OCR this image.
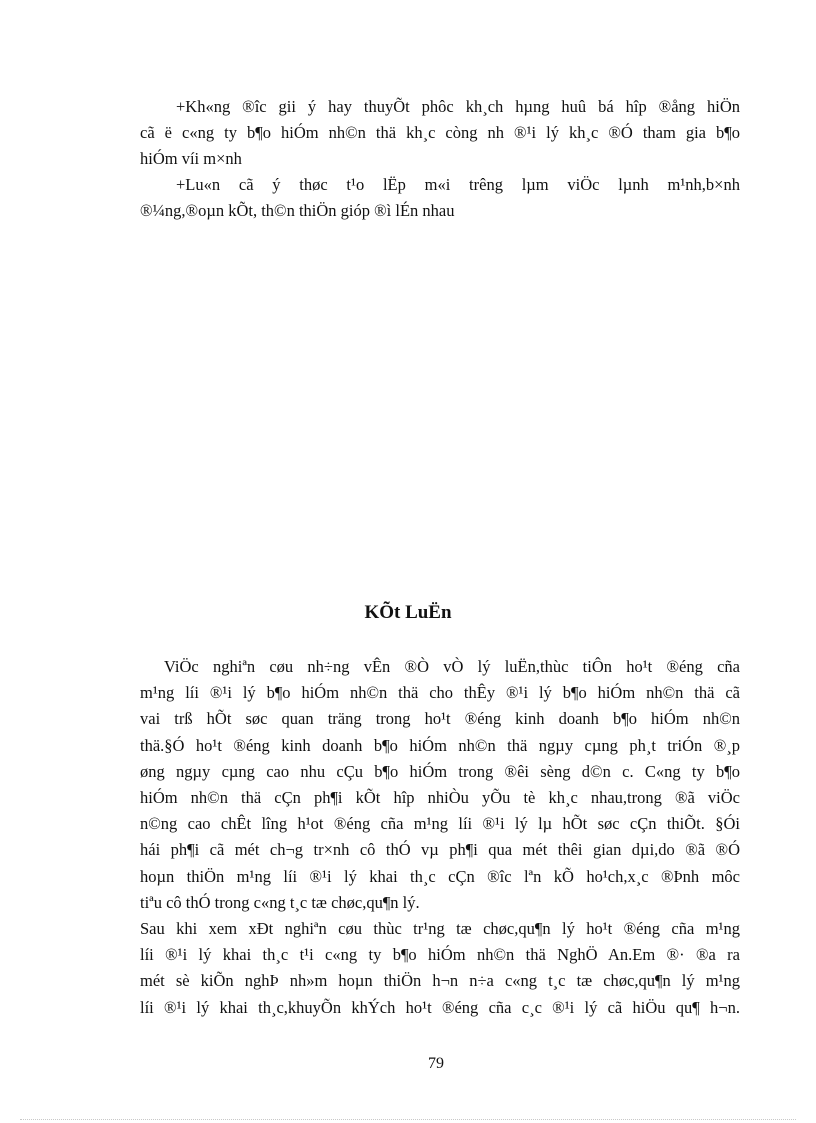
+Kh«ng ®îc gii ý hay thuyÕt phôc kh¸ch hµng huû bá hîp ®ång hiÖn
cã ë c«ng ty b¶o hiÓm nh©n thä kh¸c còng nh ®¹i lý kh¸c ®Ó tham gia b¶o
hiÓm víi m×nh
+Lu«n cã ý thøc t¹o lËp m«i trêng lµm viÖc lµnh m¹nh,b×nh
®¼ng,®oµn kÕt, th©n thiÖn gióp ®ì lÉn nhau
KÕt LuËn
ViÖc nghiªn cøu nh÷ng vÊn ®Ò vÒ lý luËn,thùc tiÔn ho¹t ®éng cña
m¹ng líi ®¹i lý b¶o hiÓm nh©n thä cho thÊy ®¹i lý b¶o hiÓm nh©n thä cã
vai trß hÕt søc quan träng trong ho¹t ®éng kinh doanh b¶o hiÓm nh©n
thä.§Ó ho¹t ®éng kinh doanh b¶o hiÓm nh©n thä ngµy cµng ph¸t triÓn ®¸p
øng ngµy cµng cao nhu cÇu b¶o hiÓm trong ®êi sèng d©n c. C«ng ty b¶o
hiÓm nh©n thä cÇn ph¶i kÕt hîp nhiÒu yÕu tè kh¸c nhau,trong ®ã viÖc
n©ng cao chÊt lîng h¹ot ®éng cña m¹ng líi ®¹i lý lµ hÕt søc cÇn thiÕt. §Ói
hái ph¶i cã mét ch¬g tr×nh cô thÓ vµ ph¶i qua mét thêi gian dµi,do ®ã ®Ó
hoµn thiÖn m¹ng líi ®¹i lý khai th¸c cÇn ®îc lªn kÕ ho¹ch,x¸c ®Þnh môc
tiªu cô thÓ trong c«ng t¸c tæ chøc,qu¶n lý.
Sau khi xem xÐt nghiªn cøu thùc tr¹ng tæ chøc,qu¶n lý ho¹t ®éng cña m¹ng
líi ®¹i lý khai th¸c t¹i c«ng ty b¶o hiÓm nh©n thä NghÖ An.Em ®· ®a ra
mét sè kiÕn nghÞ nh»m hoµn thiÖn h¬n n÷a c«ng t¸c tæ chøc,qu¶n lý m¹ng
líi ®¹i lý khai th¸c,khuyÕn khÝch ho¹t ®éng cña c¸c ®¹i lý cã hiÖu qu¶ h¬n.
79
